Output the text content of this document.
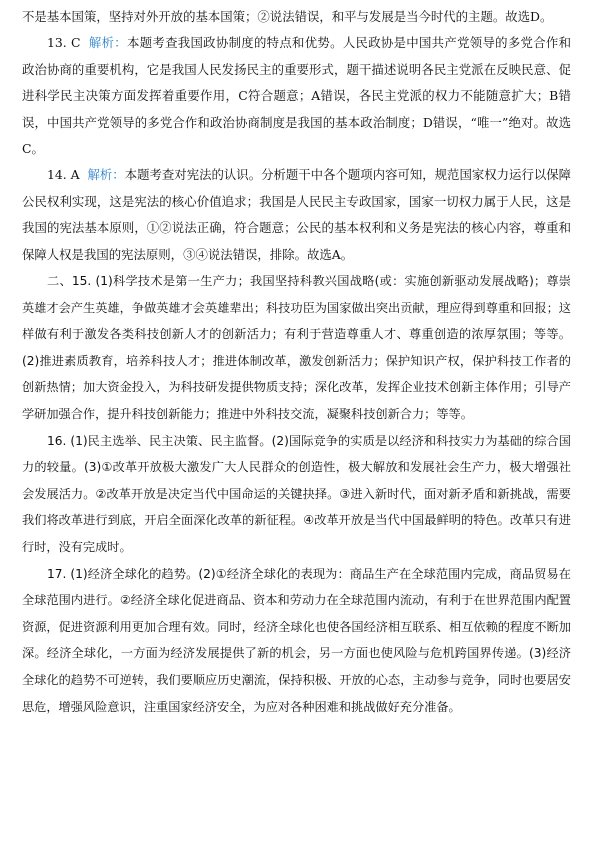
不是基本国策，坚持对外开放的基本国策；②说法错误，和平与发展是当今时代的主题。故选D。

13. C 解析：本题考查我国政协制度的特点和优势。人民政协是中国共产党领导的多党合作和政治协商的重要机构，它是我国人民发扬民主的重要形式，题干描述说明各民主党派在反映民意、促进科学民主决策方面发挥着重要作用，C符合题意；A错误，各民主党派的权力不能随意扩大；B错误，中国共产党领导的多党合作和政治协商制度是我国的基本政治制度；D错误，“唯一”绝对。故选C。

14. A 解析：本题考查对宪法的认识。分析题干中各个题项内容可知，规范国家权力运行以保障公民权利实现，这是宪法的核心价值追求；我国是人民民主专政国家，国家一切权力属于人民，这是我国的宪法基本原则，①②说法正确，符合题意；公民的基本权利和义务是宪法的核心内容，尊重和保障人权是我国的宪法原则，③④说法错误，排除。故选A。

二、15. (1)科学技术是第一生产力；我国坚持科教兴国战略(或：实施创新驱动发展战略)；尊崇英雄才会产生英雄，争做英雄才会英雄辈出；科技功臣为国家做出突出贡献，理应得到尊重和回报；这样做有利于激发各类科技创新人才的创新活力；有利于营造尊重人才、尊重创造的浓厚氛围；等等。(2)推进素质教育，培养科技人才；推进体制改革，激发创新活力；保护知识产权，保护科技工作者的创新热情；加大资金投入，为科技研发提供物质支持；深化改革，发挥企业技术创新主体作用；引导产学研加强合作，提升科技创新能力；推进中外科技交流，凝聚科技创新合力；等等。

16. (1)民主选举、民主决策、民主监督。(2)国际竞争的实质是以经济和科技实力为基础的综合国力的较量。(3)①改革开放极大激发广大人民群众的创造性，极大解放和发展社会生产力，极大增强社会发展活力。②改革开放是决定当代中国命运的关键抉择。③进入新时代，面对新矛盾和新挑战，需要我们将改革进行到底，开启全面深化改革的新征程。④改革开放是当代中国最鲜明的特色。改革只有进行时，没有完成时。

17. (1)经济全球化的趋势。(2)①经济全球化的表现为：商品生产在全球范围内完成，商品贸易在全球范围内进行。②经济全球化促进商品、资本和劳动力在全球范围内流动，有利于在世界范围内配置资源，促进资源利用更加合理有效。同时，经济全球化也使各国经济相互联系、相互依赖的程度不断加深。经济全球化，一方面为经济发展提供了新的机会，另一方面也使风险与危机跨国界传递。(3)经济全球化的趋势不可逆转，我们要顺应历史潮流，保持积极、开放的心态，主动参与竞争，同时也要居安思危，增强风险意识，注重国家经济安全，为应对各种困难和挑战做好充分准备。
